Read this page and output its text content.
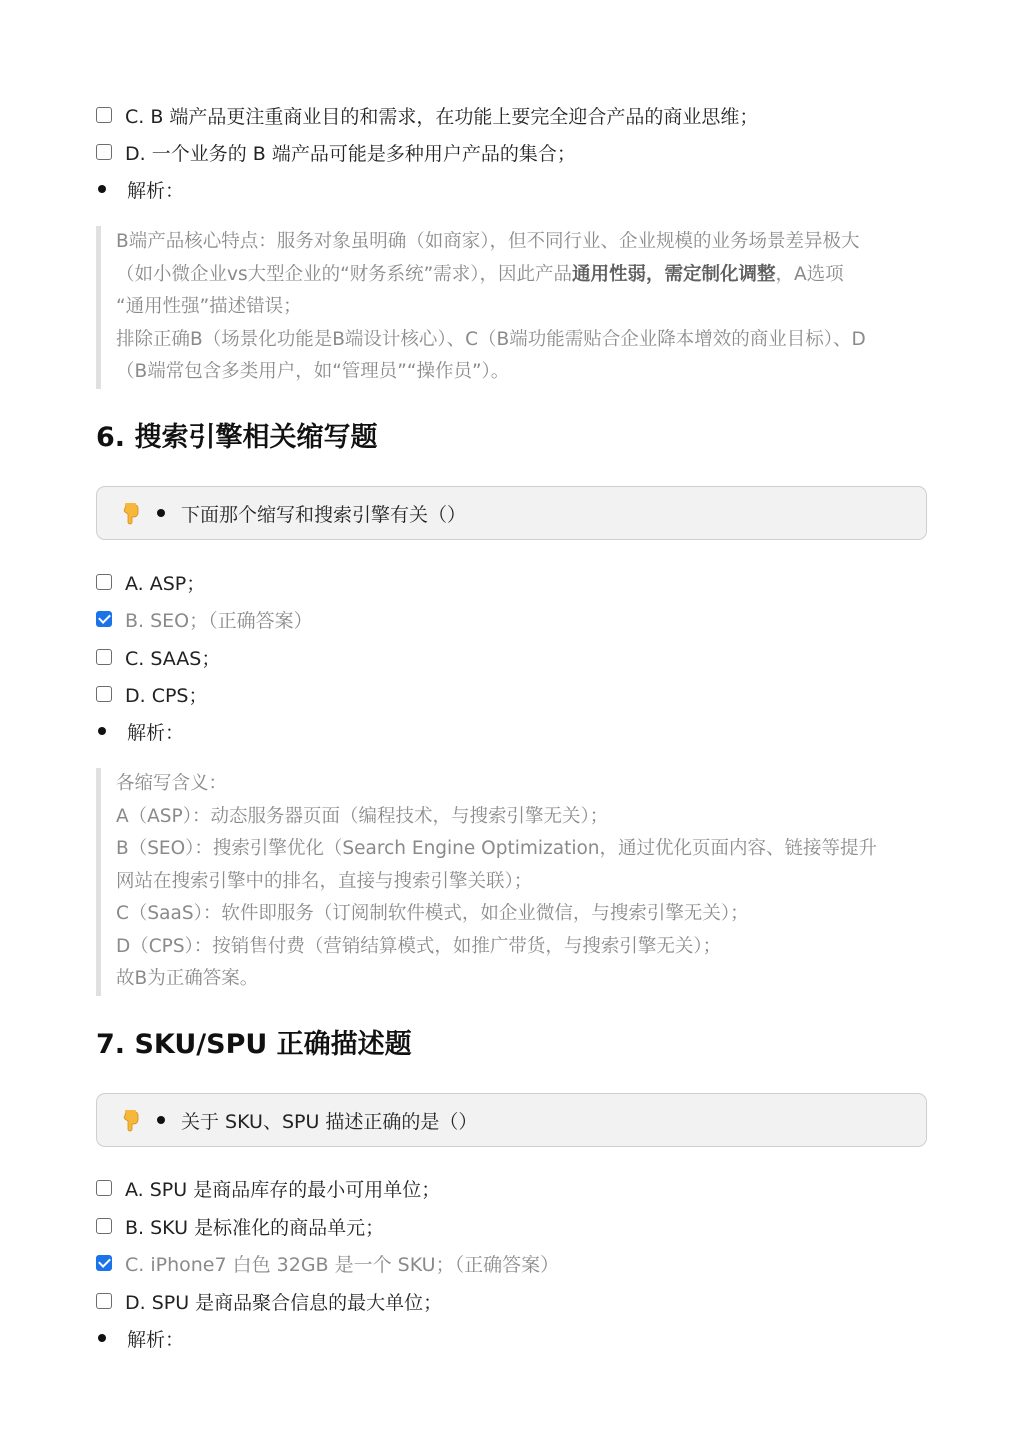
C. B 端产品更注重商业目的和需求，在功能上要完全迎合产品的商业思维；
D. 一个业务的 B 端产品可能是多种用户产品的集合；
解析：

B端产品核心特点：服务对象虽明确（如商家），但不同行业、企业规模的业务场景差异极大

（如小微企业vs大型企业的“财务系统”需求），因此产品通用性弱，需定制化调整，A选项

“通用性强”描述错误；

排除正确B（场景化功能是B端设计核心）、C（B端功能需贴合企业降本增效的商业目标）、D

（B端常包含多类用户，如“管理员”“操作员”）。

6. 搜索引擎相关缩写题
下面那个缩写和搜索引擎有关（）
A. ASP；
B. SEO；（正确答案）
C. SAAS；
D. CPS；
解析：

各缩写含义：

A（ASP）：动态服务器页面（编程技术，与搜索引擎无关）；

B（SEO）：搜索引擎优化（Search Engine Optimization，通过优化页面内容、链接等提升

网站在搜索引擎中的排名，直接与搜索引擎关联）；

C（SaaS）：软件即服务（订阅制软件模式，如企业微信，与搜索引擎无关）；

D（CPS）：按销售付费（营销结算模式，如推广带货，与搜索引擎无关）；

故B为正确答案。

7. SKU/SPU 正确描述题
关于 SKU、SPU 描述正确的是（）
A. SPU 是商品库存的最小可用单位；
B. SKU 是标准化的商品单元；
C. iPhone7 白色 32GB 是一个 SKU；（正确答案）
D. SPU 是商品聚合信息的最大单位；
解析：
